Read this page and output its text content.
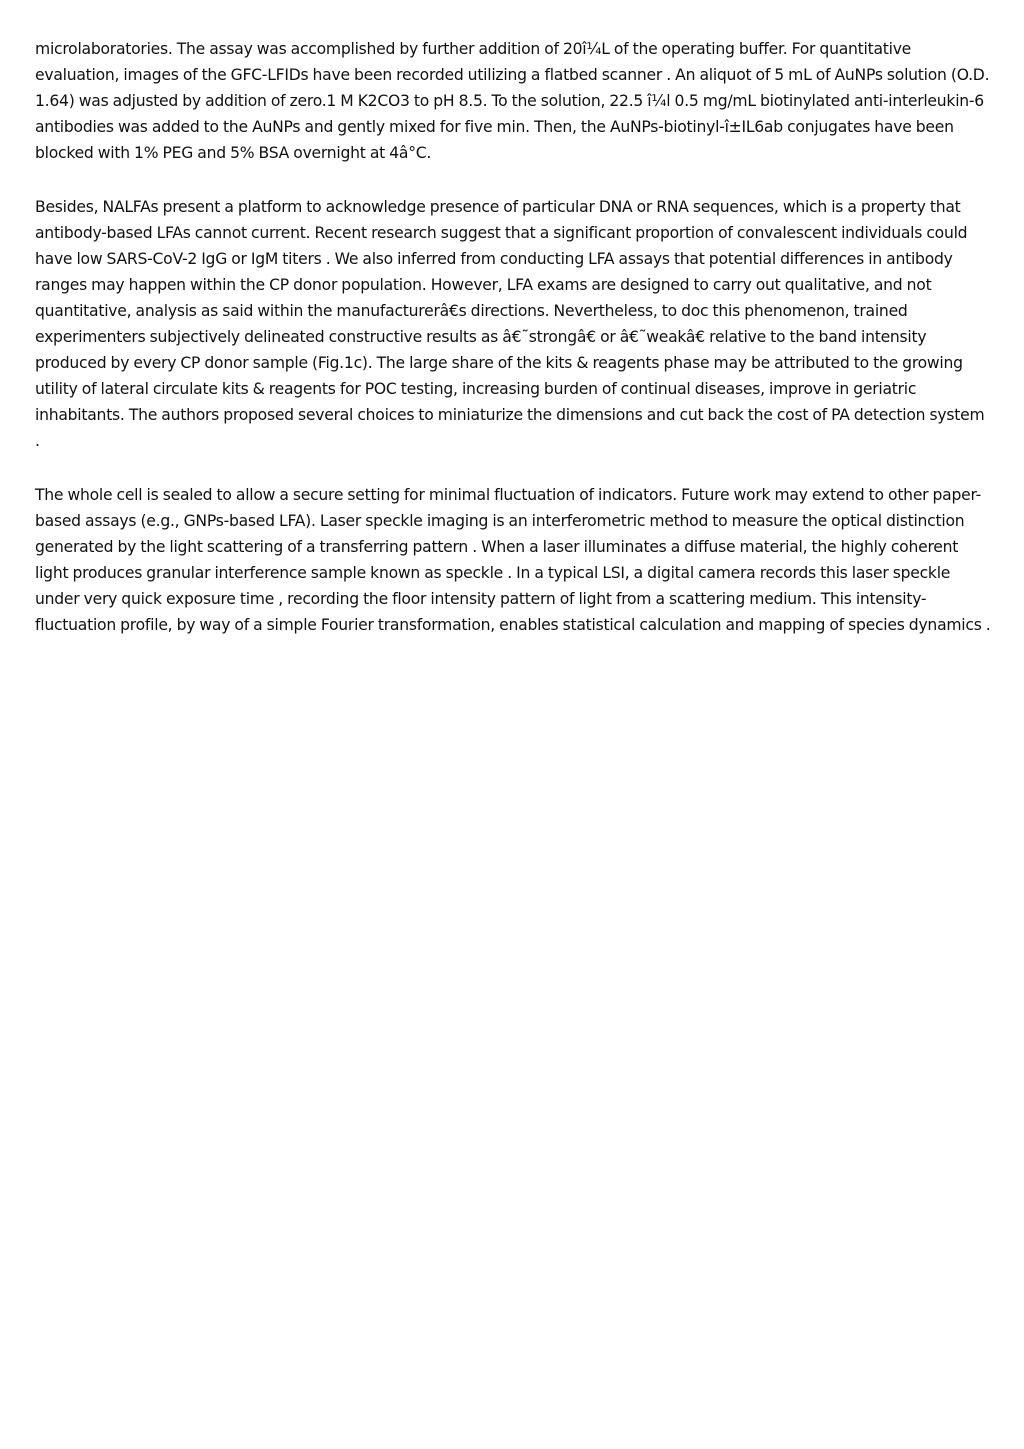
microlaboratories. The assay was accomplished by further addition of 20î¼L of the operating buffer. For quantitative evaluation, images of the GFC-LFIDs have been recorded utilizing a flatbed scanner . An aliquot of 5 mL of AuNPs solution (O.D. 1.64) was adjusted by addition of zero.1 M K2CO3 to pH 8.5. To the solution, 22.5 î¼l 0.5 mg/mL biotinylated anti-interleukin-6 antibodies was added to the AuNPs and gently mixed for five min. Then, the AuNPs-biotinyl-î±IL6ab conjugates have been blocked with 1% PEG and 5% BSA overnight at 4â°C.

Besides, NALFAs present a platform to acknowledge presence of particular DNA or RNA sequences, which is a property that antibody-based LFAs cannot current. Recent research suggest that a significant proportion of convalescent individuals could have low SARS-CoV-2 IgG or IgM titers . We also inferred from conducting LFA assays that potential differences in antibody ranges may happen within the CP donor population. However, LFA exams are designed to carry out qualitative, and not quantitative, analysis as said within the manufacturerâ€s directions. Nevertheless, to doc this phenomenon, trained experimenters subjectively delineated constructive results as â€˜strongâ€ or â€˜weakâ€ relative to the band intensity produced by every CP donor sample (Fig.1c). The large share of the kits & reagents phase may be attributed to the growing utility of lateral circulate kits & reagents for POC testing, increasing burden of continual diseases, improve in geriatric inhabitants. The authors proposed several choices to miniaturize the dimensions and cut back the cost of PA detection system .

The whole cell is sealed to allow a secure setting for minimal fluctuation of indicators. Future work may extend to other paper-based assays (e.g., GNPs-based LFA). Laser speckle imaging is an interferometric method to measure the optical distinction generated by the light scattering of a transferring pattern . When a laser illuminates a diffuse material, the highly coherent light produces granular interference sample known as speckle . In a typical LSI, a digital camera records this laser speckle under very quick exposure time , recording the floor intensity pattern of light from a scattering medium. This intensity-fluctuation profile, by way of a simple Fourier transformation, enables statistical calculation and mapping of species dynamics .
